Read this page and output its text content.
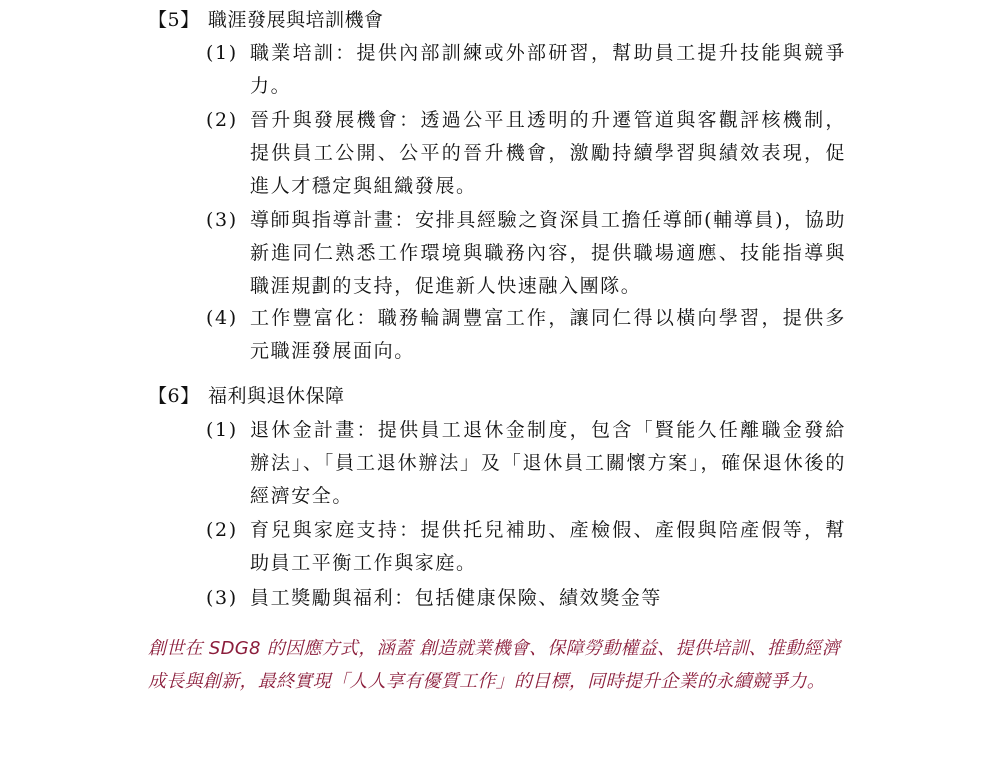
【5】 職涯發展與培訓機會
(1) 職業培訓：提供內部訓練或外部研習，幫助員工提升技能與競爭力。
(2) 晉升與發展機會：透過公平且透明的升遷管道與客觀評核機制，提供員工公開、公平的晉升機會，激勵持續學習與績效表現，促進人才穩定與組織發展。
(3) 導師與指導計畫：安排具經驗之資深員工擔任導師(輔導員)，協助新進同仁熟悉工作環境與職務內容，提供職場適應、技能指導與職涯規劃的支持，促進新人快速融入團隊。
(4) 工作豐富化：職務輪調豐富工作，讓同仁得以橫向學習，提供多元職涯發展面向。
【6】 福利與退休保障
(1) 退休金計畫：提供員工退休金制度，包含「賢能久任離職金發給辦法」、「員工退休辦法」及「退休員工關懷方案」，確保退休後的經濟安全。
(2) 育兒與家庭支持：提供托兒補助、產檢假、產假與陪產假等，幫助員工平衡工作與家庭。
(3) 員工獎勵與福利：包括健康保險、績效獎金等
創世在 SDG8 的因應方式，涵蓋 創造就業機會、保障勞動權益、提供培訓、推動經濟成長與創新，最終實現「人人享有優質工作」的目標，同時提升企業的永續競爭力。
